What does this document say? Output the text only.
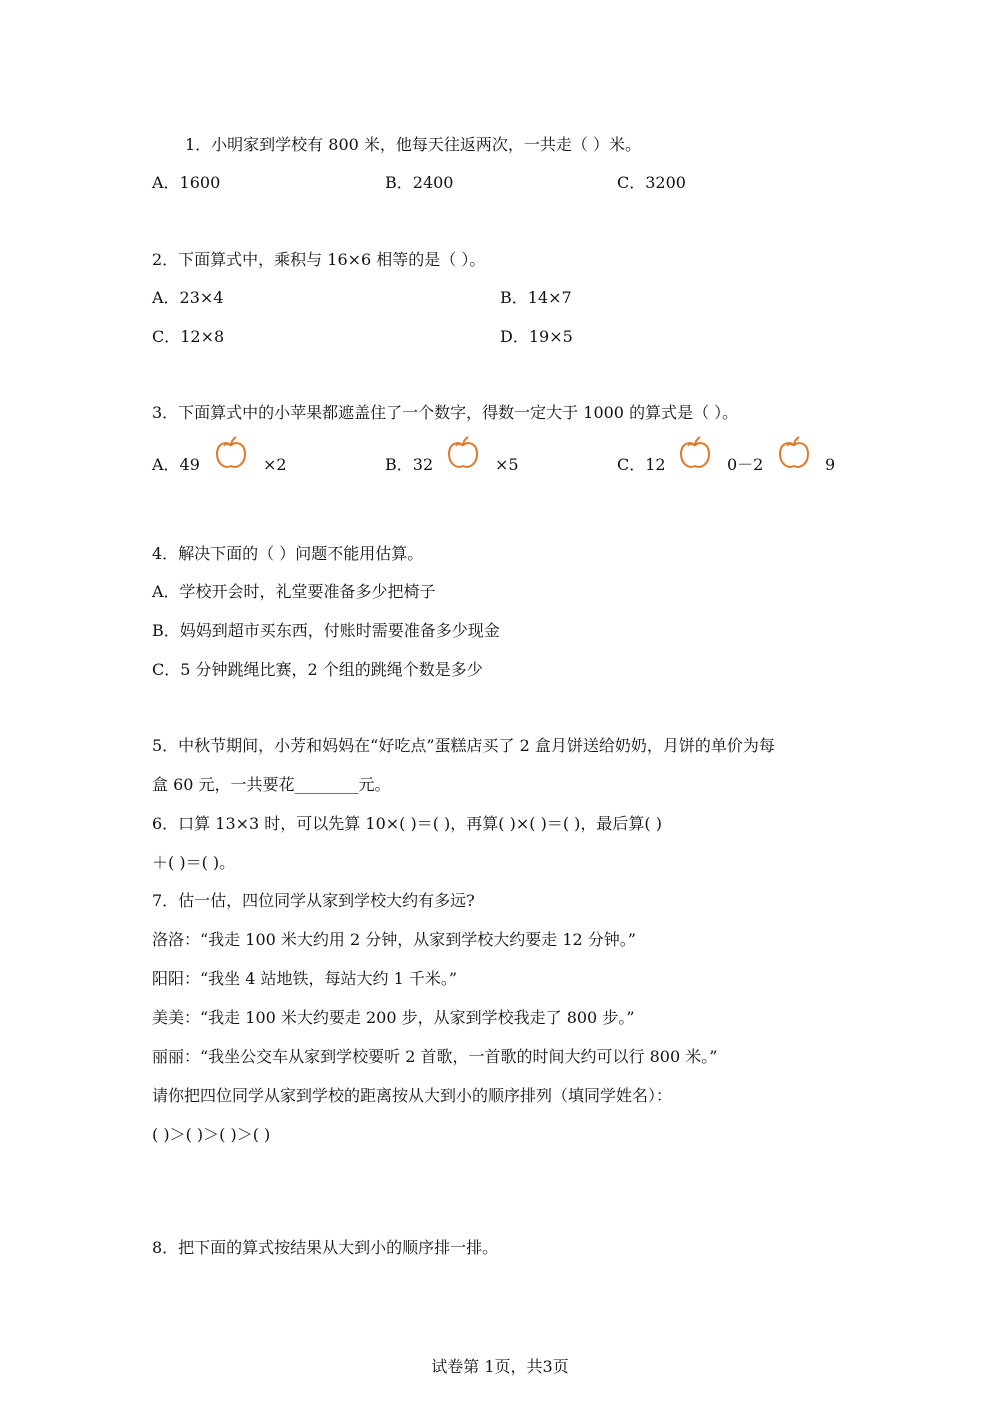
1．小明家到学校有 800 米，他每天往返两次，一共走（ ）米。
A．1600	B．2400	C．3200
2．下面算式中，乘积与 16×6 相等的是（ ）。
A．23×4	B．14×7
C．12×8	D．19×5
3．下面算式中的小苹果都遮盖住了一个数字，得数一定大于 1000 的算式是（ ）。
A．49	×2	B．32	×5	C．12	0－2	9
4．解决下面的（ ）问题不能用估算。
A．学校开会时，礼堂要准备多少把椅子
B．妈妈到超市买东西，付账时需要准备多少现金
C．5 分钟跳绳比赛，2 个组的跳绳个数是多少
5．中秋节期间，小芳和妈妈在“好吃点”蛋糕店买了 2 盒月饼送给奶奶，月饼的单价为每
盒 60 元，一共要花________元。
6．口算 13×3 时，可以先算 10×( )＝( )，再算( )×( )＝( )，最后算( )
＋( )＝( )。
7．估一估，四位同学从家到学校大约有多远?
洛洛：“我走 100 米大约用 2 分钟，从家到学校大约要走 12 分钟。”
阳阳：“我坐 4 站地铁，每站大约 1 千米。”
美美：“我走 100 米大约要走 200 步，从家到学校我走了 800 步。”
丽丽：“我坐公交车从家到学校要听 2 首歌，一首歌的时间大约可以行 800 米。”
请你把四位同学从家到学校的距离按从大到小的顺序排列（填同学姓名）：
( )＞( )＞( )＞( )
8．把下面的算式按结果从大到小的顺序排一排。
试卷第 1页，共3页
